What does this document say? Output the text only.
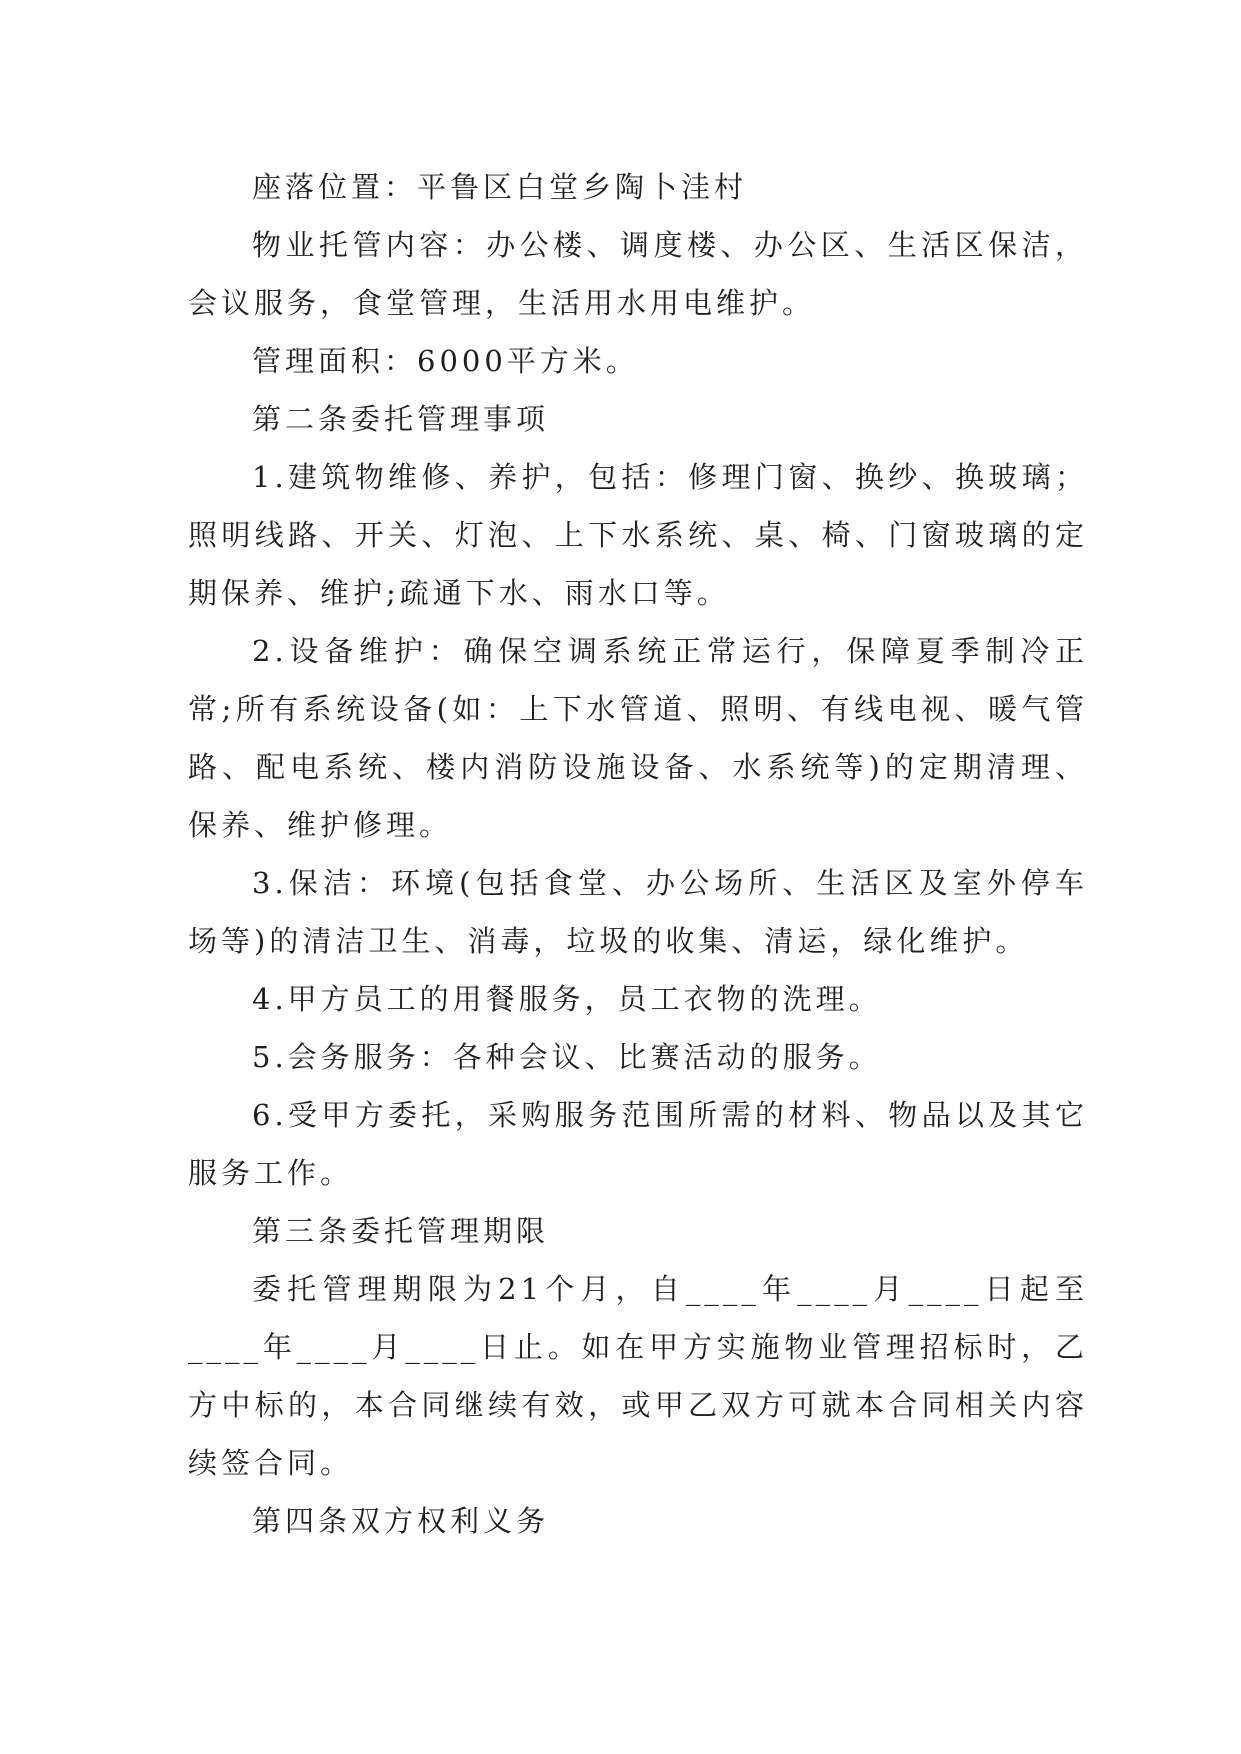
座落位置：平鲁区白堂乡陶卜洼村

物业托管内容：办公楼、调度楼、办公区、生活区保洁，会议服务，食堂管理，生活用水用电维护。

管理面积：6000平方米。

第二条委托管理事项

1.建筑物维修、养护，包括：修理门窗、换纱、换玻璃；照明线路、开关、灯泡、上下水系统、桌、椅、门窗玻璃的定期保养、维护;疏通下水、雨水口等。

2.设备维护：确保空调系统正常运行，保障夏季制冷正常;所有系统设备(如：上下水管道、照明、有线电视、暖气管路、配电系统、楼内消防设施设备、水系统等)的定期清理、保养、维护修理。

3.保洁：环境(包括食堂、办公场所、生活区及室外停车场等)的清洁卫生、消毒，垃圾的收集、清运，绿化维护。

4.甲方员工的用餐服务，员工衣物的洗理。

5.会务服务：各种会议、比赛活动的服务。

6.受甲方委托，采购服务范围所需的材料、物品以及其它服务工作。

第三条委托管理期限

委托管理期限为21个月，自____年____月____日起至____年____月____日止。如在甲方实施物业管理招标时，乙方中标的，本合同继续有效，或甲乙双方可就本合同相关内容续签合同。

第四条双方权利义务
